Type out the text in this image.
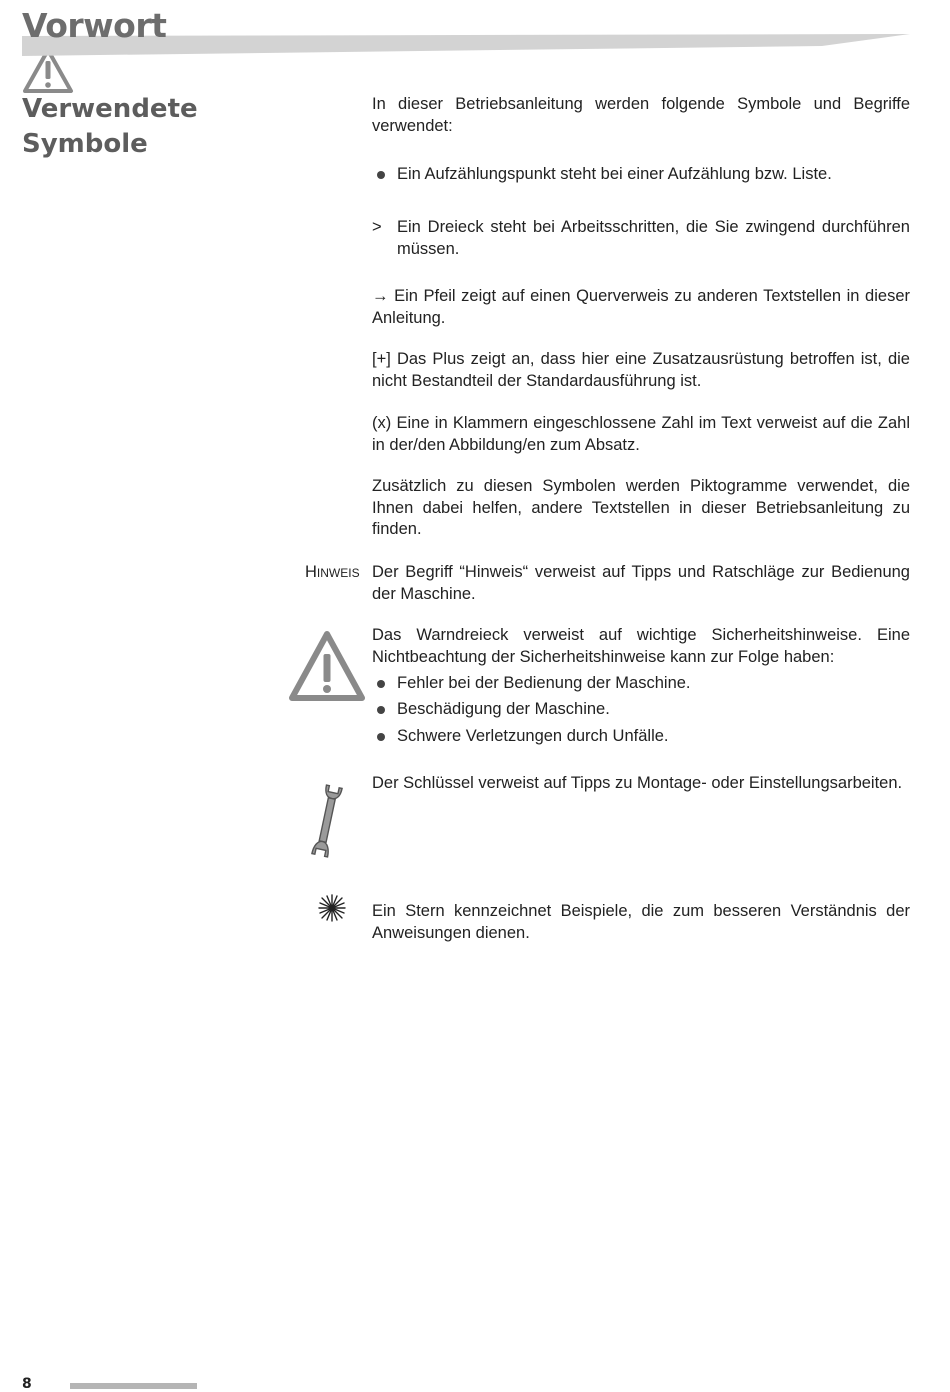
Vorwort
Verwendete
Symbole

In dieser Betriebsanleitung werden folgende Symbole und Begriffe verwendet:

Ein Aufzählungspunkt steht bei einer Aufzählung bzw. Liste.
> Ein Dreieck steht bei Arbeitsschritten, die Sie zwingend durchführen müssen.

→ Ein Pfeil zeigt auf einen Querverweis zu anderen Textstellen in dieser Anleitung.

[+] Das Plus zeigt an, dass hier eine Zusatzausrüstung betroffen ist, die nicht Bestandteil der Standardausführung ist.

(x) Eine in Klammern eingeschlossene Zahl im Text verweist auf die Zahl in der/den Abbildung/en zum Absatz.

Zusätzlich zu diesen Symbolen werden Piktogramme verwendet, die Ihnen dabei helfen, andere Textstellen in dieser Betriebsanleitung zu finden.

HINWEIS Der Begriff “Hinweis“ verweist auf Tipps und Ratschläge zur Bedienung der Maschine.

Das Warndreieck verweist auf wichtige Sicherheitshinweise. Eine Nichtbeachtung der Sicherheitshinweise kann zur Folge haben:

Fehler bei der Bedienung der Maschine.
Beschädigung der Maschine.
Schwere Verletzungen durch Unfälle.

Der Schlüssel verweist auf Tipps zu Montage- oder Einstellungsarbeiten.

Ein Stern kennzeichnet Beispiele, die zum besseren Verständnis der Anweisungen dienen.

8
